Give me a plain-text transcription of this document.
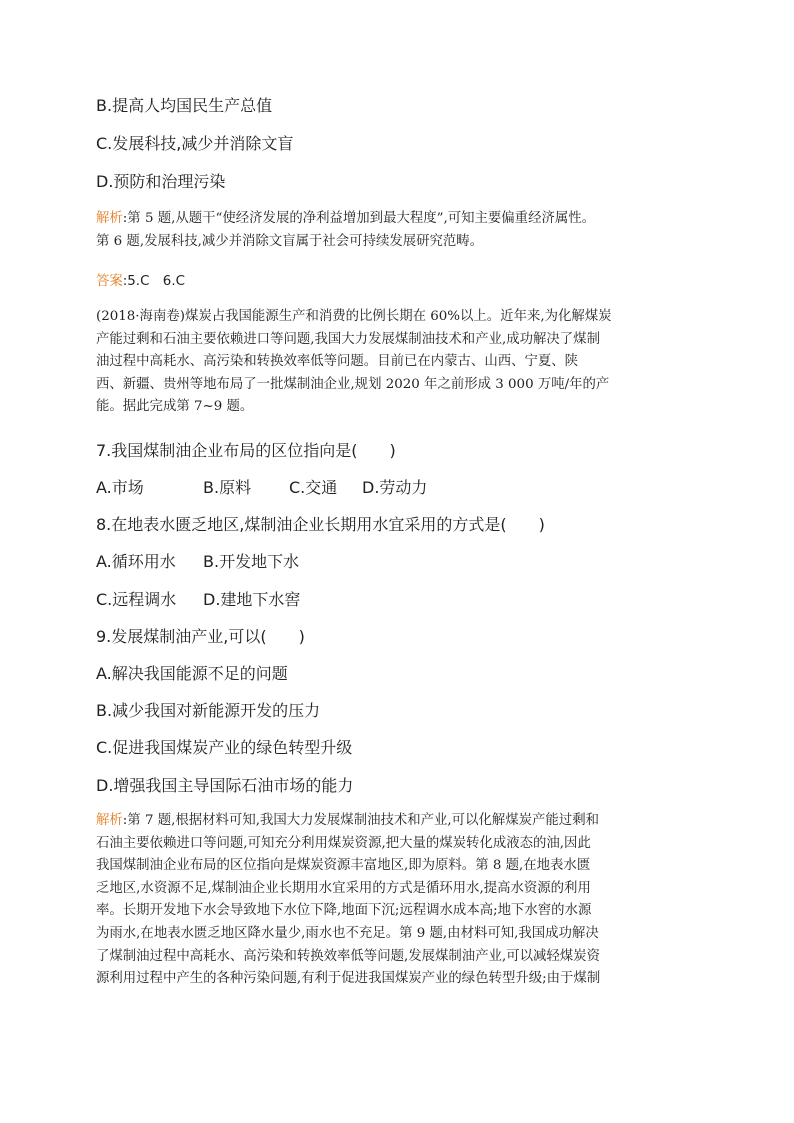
B.提高人均国民生产总值
C.发展科技,减少并消除文盲
D.预防和治理污染
解析:第 5 题,从题干“使经济发展的净利益增加到最大程度”,可知主要偏重经济属性。
第 6 题,发展科技,减少并消除文盲属于社会可持续发展研究范畴。
答案:5.C　6.C
(2018·海南卷)煤炭占我国能源生产和消费的比例长期在 60%以上。近年来,为化解煤炭
产能过剩和石油主要依赖进口等问题,我国大力发展煤制油技术和产业,成功解决了煤制
油过程中高耗水、高污染和转换效率低等问题。目前已在内蒙古、山西、宁夏、陕
西、新疆、贵州等地布局了一批煤制油企业,规划 2020 年之前形成 3 000 万吨/年的产
能。据此完成第 7~9 题。
7.我国煤制油企业布局的区位指向是(　　)
A.市场	B.原料 C.交通 D.劳动力
8.在地表水匮乏地区,煤制油企业长期用水宜采用的方式是(　　)
A.循环用水 B.开发地下水
C.远程调水 D.建地下水窖
9.发展煤制油产业,可以(　　)
A.解决我国能源不足的问题
B.减少我国对新能源开发的压力
C.促进我国煤炭产业的绿色转型升级
D.增强我国主导国际石油市场的能力
解析:第 7 题,根据材料可知,我国大力发展煤制油技术和产业,可以化解煤炭产能过剩和
石油主要依赖进口等问题,可知充分利用煤炭资源,把大量的煤炭转化成液态的油,因此
我国煤制油企业布局的区位指向是煤炭资源丰富地区,即为原料。第 8 题,在地表水匮
乏地区,水资源不足,煤制油企业长期用水宜采用的方式是循环用水,提高水资源的利用
率。长期开发地下水会导致地下水位下降,地面下沉;远程调水成本高;地下水窖的水源
为雨水,在地表水匮乏地区降水量少,雨水也不充足。第 9 题,由材料可知,我国成功解决
了煤制油过程中高耗水、高污染和转换效率低等问题,发展煤制油产业,可以减轻煤炭资
源利用过程中产生的各种污染问题,有利于促进我国煤炭产业的绿色转型升级;由于煤制
